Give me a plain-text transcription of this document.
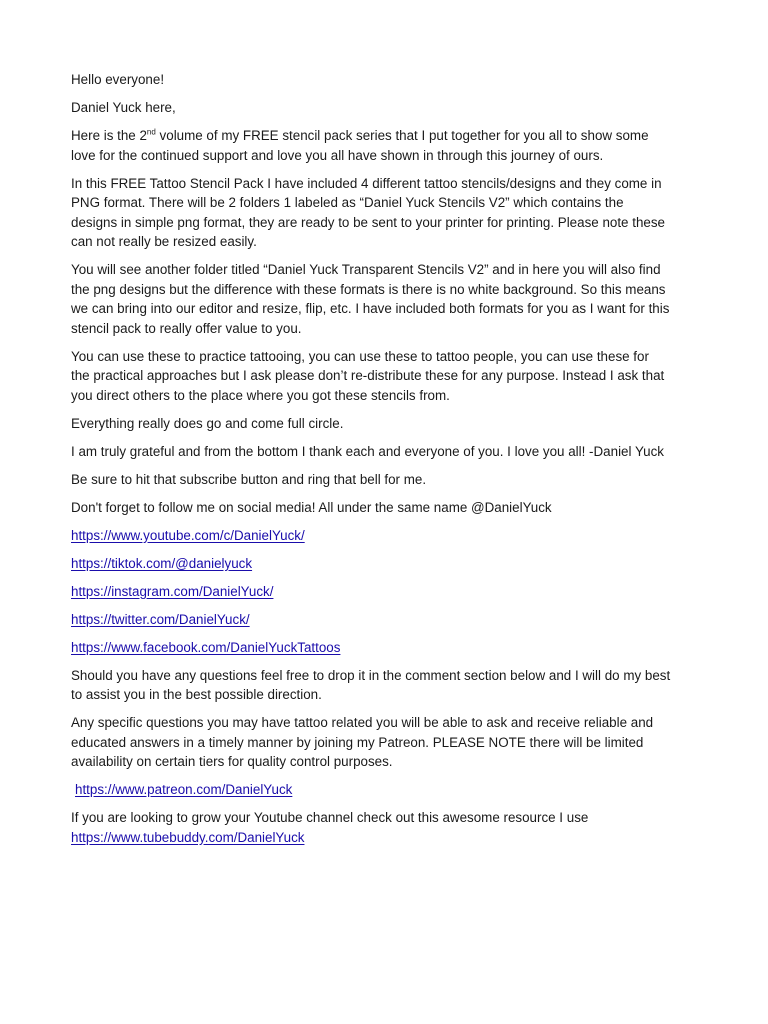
Hello everyone!

Daniel Yuck here,

Here is the 2nd volume of my FREE stencil pack series that I put together for you all to show some
love for the continued support and love you all have shown in through this journey of ours.

In this FREE Tattoo Stencil Pack I have included 4 different tattoo stencils/designs and they come in
PNG format. There will be 2 folders 1 labeled as “Daniel Yuck Stencils V2” which contains the
designs in simple png format, they are ready to be sent to your printer for printing. Please note these
can not really be resized easily.

You will see another folder titled “Daniel Yuck Transparent Stencils V2” and in here you will also find
the png designs but the difference with these formats is there is no white background. So this means
we can bring into our editor and resize, flip, etc. I have included both formats for you as I want for this
stencil pack to really offer value to you.

You can use these to practice tattooing, you can use these to tattoo people, you can use these for
the practical approaches but I ask please don’t re-distribute these for any purpose. Instead I ask that
you direct others to the place where you got these stencils from.

Everything really does go and come full circle.

I am truly grateful and from the bottom I thank each and everyone of you. I love you all! -Daniel Yuck

Be sure to hit that subscribe button and ring that bell for me.

Don't forget to follow me on social media! All under the same name @DanielYuck

https://www.youtube.com/c/DanielYuck/

https://tiktok.com/@danielyuck

https://instagram.com/DanielYuck/

https://twitter.com/DanielYuck/

https://www.facebook.com/DanielYuckTattoos

Should you have any questions feel free to drop it in the comment section below and I will do my best
to assist you in the best possible direction.

Any specific questions you may have tattoo related you will be able to ask and receive reliable and
educated answers in a timely manner by joining my Patreon. PLEASE NOTE there will be limited
availability on certain tiers for quality control purposes.

https://www.patreon.com/DanielYuck

If you are looking to grow your Youtube channel check out this awesome resource I use
https://www.tubebuddy.com/DanielYuck
